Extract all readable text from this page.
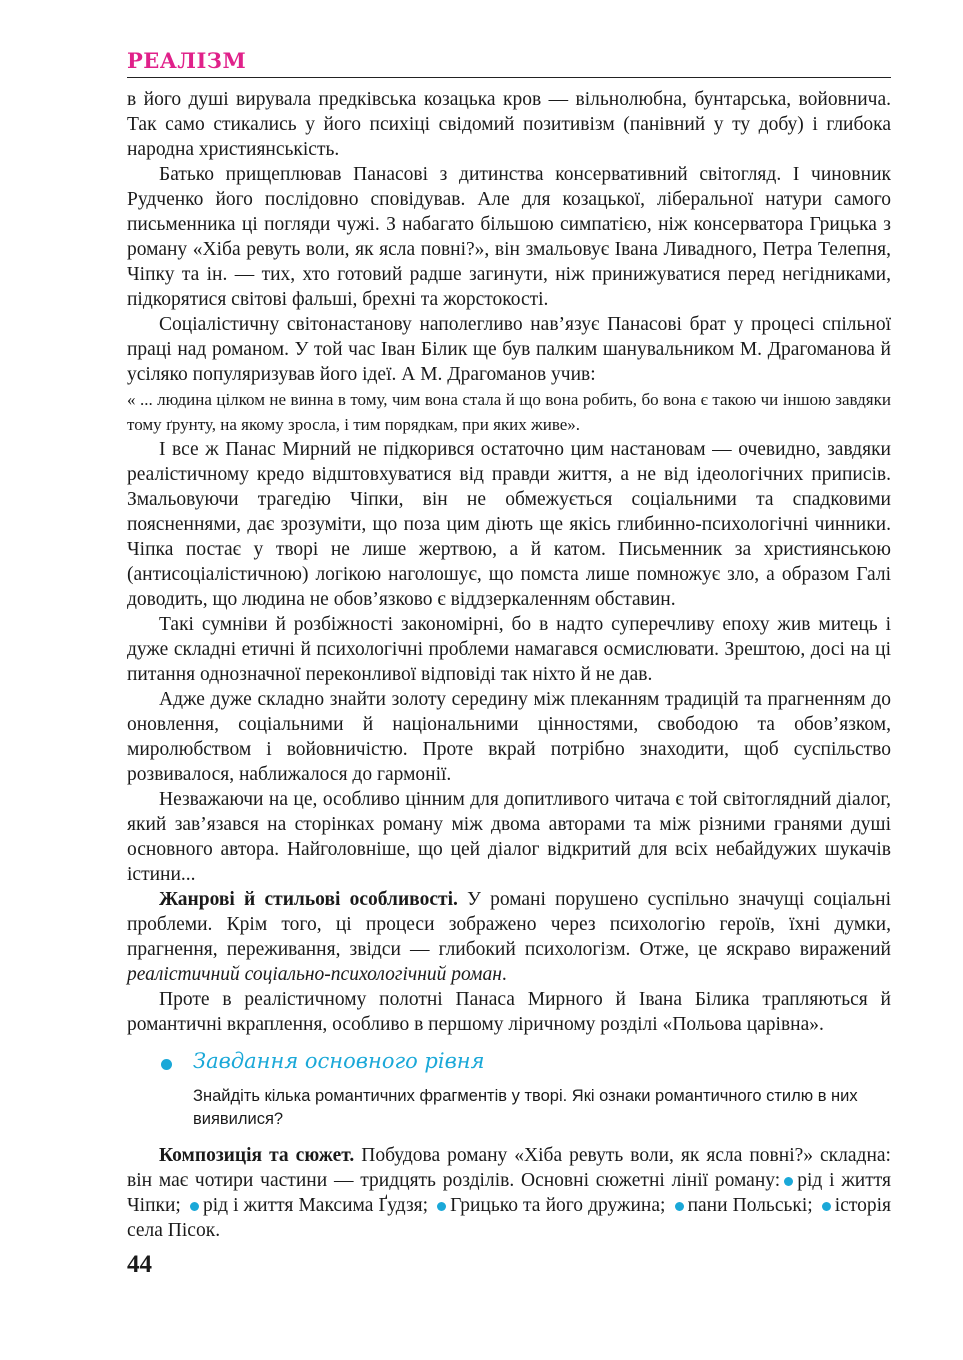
РЕАЛІЗМ

в його душі вирувала предківська козацька кров — вільнолюбна, бунтарська, войовнича. Так само стикались у його психіці свідомий позитивізм (панівний у ту добу) і глибока народна християнськість.

Батько прищеплював Панасові з дитинства консервативний світогляд. І чиновник Рудченко його послідовно сповідував. Але для козацької, ліберальної натури самого письменника ці погляди чужі. З набагато більшою симпатією, ніж консерватора Грицька з роману «Хіба ревуть воли, як ясла повні?», він змальовує Івана Ливадного, Петра Телепня, Чіпку та ін. — тих, хто готовий радше загинути, ніж принижуватися перед негідниками, підкорятися світові фальші, брехні та жорстокості.

Соціалістичну світонастанову наполегливо нав’язує Панасові брат у процесі спільної праці над романом. У той час Іван Білик ще був палким шанувальником М. Драгоманова й усіляко популяризував його ідеї. А М. Драгоманов учив:

« ... людина цілком не винна в тому, чим вона стала й що вона робить, бо вона є такою чи іншою завдяки тому ґрунту, на якому зросла, і тим порядкам, при яких живе».

І все ж Панас Мирний не підкорився остаточно цим настановам — очевидно, завдяки реалістичному кредо відштовхуватися від правди життя, а не від ідеологічних приписів. Змальовуючи трагедію Чіпки, він не обмежується соціальними та спадковими поясненнями, дає зрозуміти, що поза цим діють ще якісь глибинно-психологічні чинники. Чіпка постає у творі не лише жертвою, а й катом. Письменник за християнською (антисоціалістичною) логікою наголошує, що помста лише помножує зло, а образом Галі доводить, що людина не обов’язково є віддзеркаленням обставин.

Такі сумніви й розбіжності закономірні, бо в надто суперечливу епоху жив митець і дуже складні етичні й психологічні проблеми намагався осмислювати. Зрештою, досі на ці питання однозначної переконливої відповіді так ніхто й не дав.

Адже дуже складно знайти золоту середину між плеканням традицій та прагненням до оновлення, соціальними й національними цінностями, свободою та обов’язком, миролюбством і войовничістю. Проте вкрай потрібно знаходити, щоб суспільство розвивалося, наближалося до гармонії.

Незважаючи на це, особливо цінним для допитливого читача є той світоглядний діалог, який зав’язався на сторінках роману між двома авторами та між різними гранями душі основного автора. Найголовніше, що цей діалог відкритий для всіх небайдужих шукачів істини...

Жанрові й стильові особливості. У романі порушено суспільно значущі соціальні проблеми. Крім того, ці процеси зображено через психологію героїв, їхні думки, прагнення, переживання, звідси — глибокий психологізм. Отже, це яскраво виражений реалістичний соціально-психологічний роман.

Проте в реалістичному полотні Панаса Мирного й Івана Білика трапляються й романтичні вкраплення, особливо в першому ліричному розділі «Польова царівна».

Завдання основного рівня
Знайдіть кілька романтичних фрагментів у творі. Які ознаки романтичного стилю в них виявилися?

Композиція та сюжет. Побудова роману «Хіба ревуть воли, як ясла повні?» складна: він має чотири частини — тридцять розділів. Основні сюжетні лінії роману: рід і життя Чіпки; рід і життя Максима Ґудзя; Грицько та його дружина; пани Польські; історія села Пісок.

44
